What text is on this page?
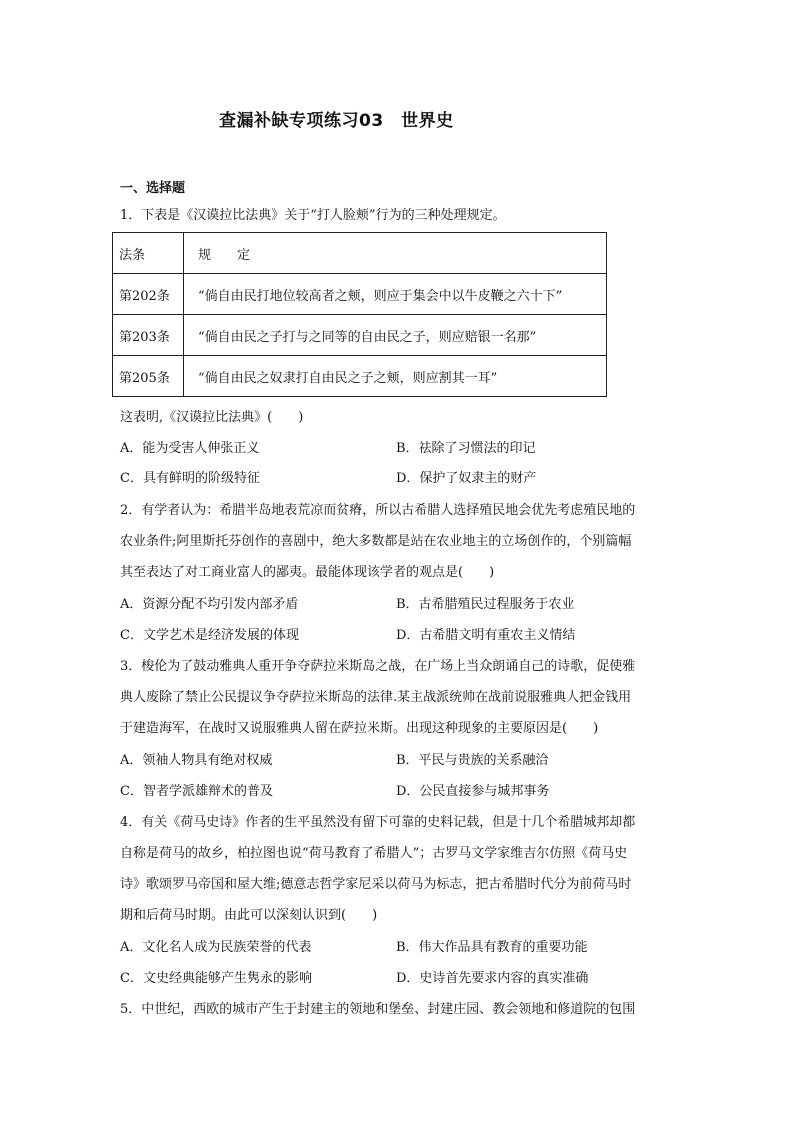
查漏补缺专项练习03　世界史
一、选择题
1．下表是《汉谟拉比法典》关于“打人脸颊”行为的三种处理规定。
法条	规　　定
第202条	“倘自由民打地位较高者之颊，则应于集会中以牛皮鞭之六十下”
第203条	“倘自由民之子打与之同等的自由民之子，则应赔银一名那”
第205条	“倘自由民之奴隶打自由民之子之颊，则应割其一耳”
这表明,《汉谟拉比法典》(　　)
A．能为受害人伸张正义	B．祛除了习惯法的印记
C．具有鲜明的阶级特征	D．保护了奴隶主的财产
2．有学者认为：希腊半岛地表荒凉而贫瘠，所以古希腊人选择殖民地会优先考虑殖民地的
农业条件;阿里斯托芬创作的喜剧中，绝大多数都是站在农业地主的立场创作的，个别篇幅
其至表达了对工商业富人的鄙夷。最能体现该学者的观点是(　　)
A．资源分配不均引发内部矛盾	B．古希腊殖民过程服务于农业
C．文学艺术是经济发展的体现	D．古希腊文明有重农主义情结
3．梭伦为了鼓动雅典人重开争夺萨拉米斯岛之战，在广场上当众朗诵自己的诗歌，促使雅
典人废除了禁止公民提议争夺萨拉米斯岛的法律.某主战派统帅在战前说服雅典人把金钱用
于建造海军，在战时又说服雅典人留在萨拉米斯。出现这种现象的主要原因是(　　)
A．领袖人物具有绝对权威	B．平民与贵族的关系融洽
C．智者学派雄辩术的普及	D．公民直接参与城邦事务
4．有关《荷马史诗》作者的生平虽然没有留下可靠的史料记载，但是十几个希腊城邦却都
自称是荷马的故乡，柏拉图也说“荷马教育了希腊人”；古罗马文学家维吉尔仿照《荷马史
诗》歌颂罗马帝国和屋大维;德意志哲学家尼采以荷马为标志，把古希腊时代分为前荷马时
期和后荷马时期。由此可以深刻认识到(　　)
A．文化名人成为民族荣誉的代表	B．伟大作品具有教育的重要功能
C．文史经典能够产生隽永的影响	D．史诗首先要求内容的真实准确
5．中世纪，西欧的城市产生于封建主的领地和堡垒、封建庄园、教会领地和修道院的包围
